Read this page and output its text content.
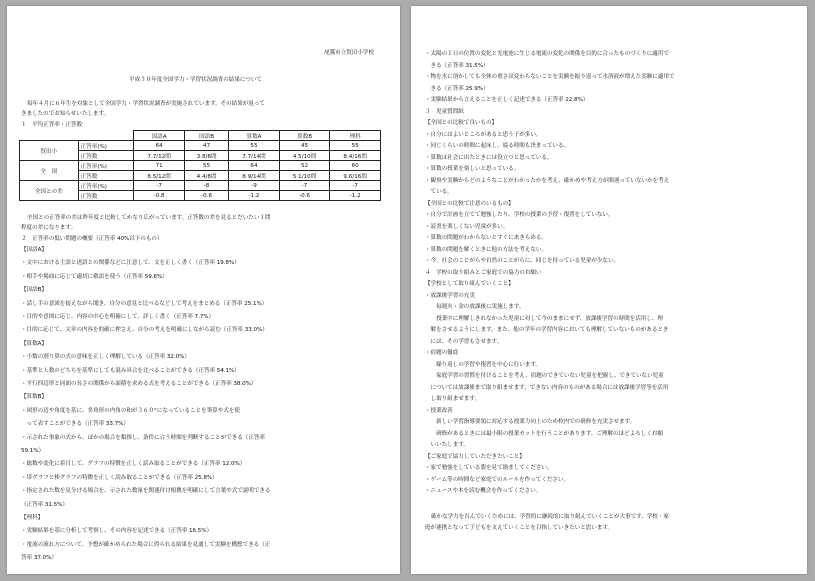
尾鷲市立賀田小学校
平成３０年度全国学力・学習状況調査の結果について
毎年４月に６年生を対象として全国学力・学習状況調査が実施されています。その結果が返って
きましたのでお知らせいたします。
１　平均正答率・正答数
		国語A	国語B	算数A	算数B	理科
賀田小	正答率(%)	64	47	55	45	55
	正答数	7.7/12問	3.8/8問	7.7/14問	4.5/10問	8.4/16問
全　国	正答率(%)	71	55	64	52	60
	正答数	8.5/12問	4.4/8問	8.9/14問	5.1/10問	9.6/16問
全国との差	正答率(%)	-7	-8	-9	-7	-7
	正答数	-0.8	-0.6	-1.2	-0.6	-1.2
全国との正答率の差は昨年度と比較してかなり広がっています。正答数の差を見るとだいたい１問
程度の差になります。
２　正答率の低い問題の概要（正答率 40%以下のもの）
【国語A】
・文中における主語と述語との関係などに注意して、文を正しく書く（正答率 19.8%）
・相手や場面に応じて適切に敬語を使う（正答率 59.6%）
【国語B】
・話し手の意図を捉えながら聞き、自分の意見と比べるなどして考えをまとめる（正答率 25.1%）
・目的や意図に応じ、内容の中心を明確にして、詳しく書く（正答率 7.7%）
・目的に応じて、文章の内容を的確に押さえ、自分の考えを明確にしながら読む（正答率 33.0%）
【算数A】
・小数の割り算の式の意味を正しく理解している（正答率 32.0%）
・基準と人数のどちらを基準にしても混み具合を比べることができる（正答率 54.1%）
・平行四辺形と同面の長さの関係から面積を求める式を考えることができる（正答率 38.0%）
【算数B】
・図形の辺や角度を基に、多角形の内角の和が３６０°になっていることを筆算や式を使
　って表すことができる（正答率 33.7%）
・示された事象の式から、ほかの場合を類推し、条件に合う時間を判断することができる（正答率
59.1%）
・総数や変化に着目して、グラフの特徴を正しく読み取ることができる（正答率 12.0%）
・帯グラフと棒グラフの特徴を正しく読み取ることができる（正答率 25.8%）
・指定された数を見分ける場合を、示された数量を関連付け根拠を明確にして言葉や式で説明できる
（正答率 31.5%）
【理科】
・実験結果を基に分析して考察し、その内容を記述できる（正答率 16.5%）
・電流の流れ方について、予想が確かめられた場合に得られる結果を見通して実験を構想できる（正
答率 37.0%）
・太陽の１日の位置の変化と光電池に生じる電流の変化の関係を目的に合ったものづくりに適用で
　きる（正答率 31.5%）
・物を水に溶かしても全体の重さは変わらないことを実験を振り返って水溶液が増えた実験に適用で
　きる（正答率 25.9%）
・実験結果から言えることを正しく記述できる（正答率 22.8%）
３　児童質問紙
【全国との比較で良いもの】
・自分にはよいところがあると思う子が多い。
・同じくらいの時間に起床し、寝る時間も決まっている。
・算数は社会に出たときには役立つと思っている。
・算数の授業を楽しいと思っている。
・観察や実験からどのようなことがわかったかを考え、確かめや考え方が間違っていないかを考え
　ている。
【全国との比較で注意のいるもの】
・自分で計画を立てて勉強したり、学校の授業の予習・復習をしていない。
・読書を楽しくない児童が多い。
・算数の問題がわからないとすぐにあきらめる。
・算数の問題を解くときに他の方法を考えない。
・今、社会のことがらや自然のことがらに、同じを持っている児童が少ない。
４　学校の取り組みとご家庭での協力のお願い
【学校として取り組んでいくこと】
・放課後学習の充実
　　毎週火・金の放課後に実施します。
　　授業中に理解しきれなかった児童に対して今のままにせず、放課後学習の時間を活用し、理
　解をさせるようにします。また、他の学年の学習内容においても理解していないものがあるとき
　には、その学習もさせます。
・宿題の徹底
　　繰り返しの学習や復習を中心に行います。
　　家庭学習の習慣を付けることを考え、宿題のできていない児童を把握し、できていない児童
　については放課後まで取り組ませます。できない内容のものがある場合には放課後学習等を活用
　し取り組ませます。
・授業改善
　　新しい学習指導要領に対応する授業力向上のため校内での研修を充実させます。
　　研修があるときには最小限の授業カットを行うことがあります。ご理解のほどよろしくお願
　いいたします。
【ご家庭で協力していただきたいこと】
・家で勉強をしている姿を見て励ましてください。
・ゲーム等の時間など家庭でのルールを作ってください。
・ニュースや本を読む機会を作ってください。
確かな学力を育んでいくためには、学習的に継続的に取り組んでいくことが大事です。学校・家
庭が連携となって子どもを支えていくことを目指していきたいと思います。
